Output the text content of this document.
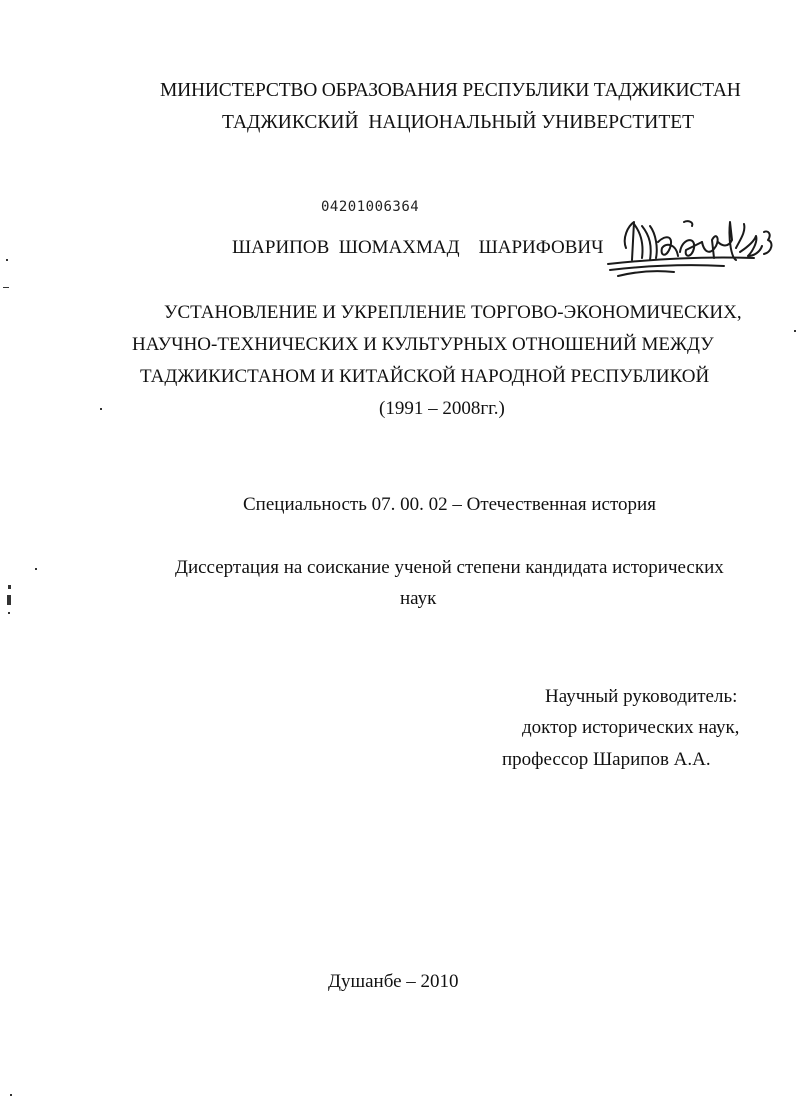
МИНИСТЕРСТВО ОБРАЗОВАНИЯ РЕСПУБЛИКИ ТАДЖИКИСТАН
ТАДЖИКСКИЙ  НАЦИОНАЛЬНЫЙ УНИВЕРСТИТЕТ
04201006364
ШАРИПОВ  ШОМАХМАД    ШАРИФОВИЧ
УСТАНОВЛЕНИЕ И УКРЕПЛЕНИЕ ТОРГОВО-ЭКОНОМИЧЕСКИХ,
НАУЧНО-ТЕХНИЧЕСКИХ И КУЛЬТУРНЫХ ОТНОШЕНИЙ МЕЖДУ
ТАДЖИКИСТАНОМ И КИТАЙСКОЙ НАРОДНОЙ РЕСПУБЛИКОЙ
(1991 – 2008гг.)
Специальность 07. 00. 02 – Отечественная история
Диссертация на соискание ученой степени кандидата исторических
наук
Научный руководитель:
доктор исторических наук,
профессор Шарипов А.А.
Душанбе – 2010
